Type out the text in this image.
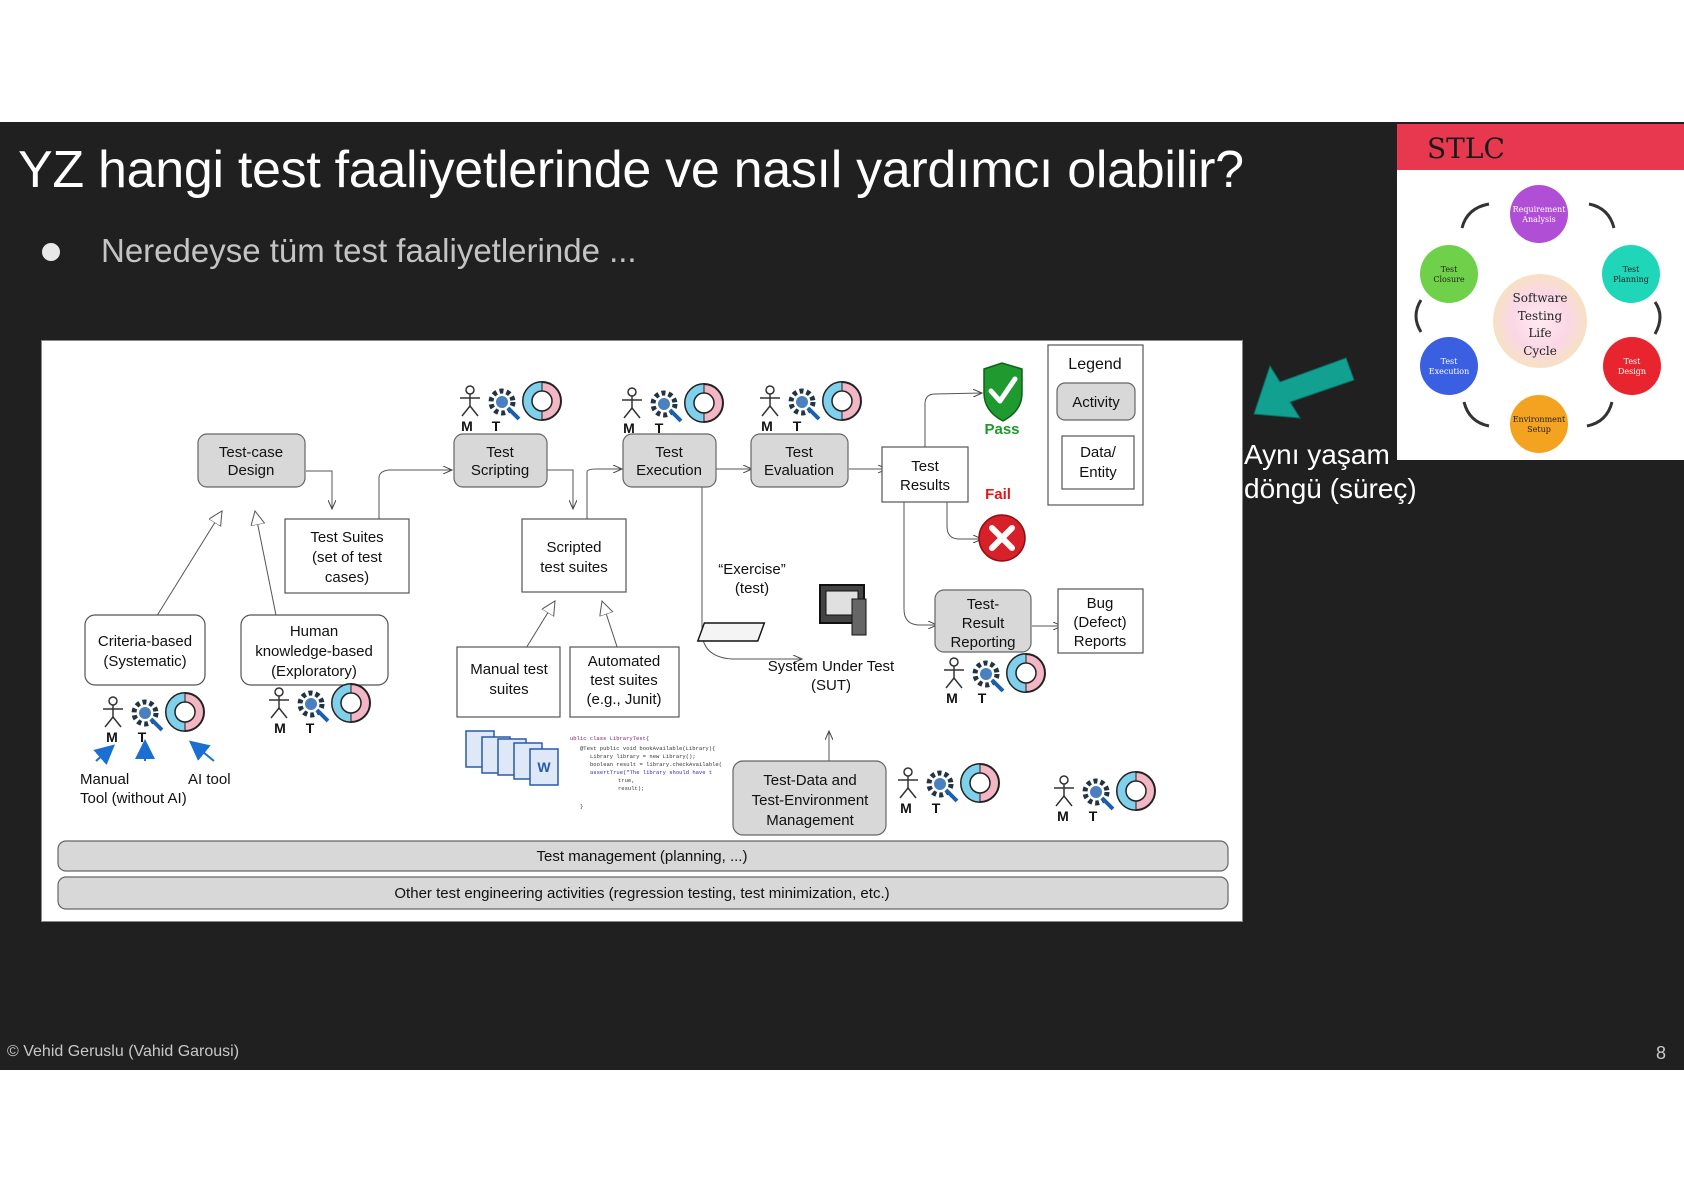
YZ hangi test faaliyetlerinde ve nasıl yardımcı olabilir?
Neredeyse tüm test faaliyetlerinde ...
Test-case
Design
Test
Scripting
Test
Execution
Test
Evaluation
Test-
Result
Reporting
Test-Data and
Test-Environment
Management
Test Suites
(set of test
cases)
Scripted
test suites
Test
Results
Bug
(Defect)
Reports
Manual test
suites
Automated
test suites
(e.g., Junit)
Criteria-based
(Systematic)
Human
knowledge-based
(Exploratory)
Legend
Activity
Data/
Entity
Pass
Fail
“Exercise”
(test)
System Under Test
(SUT)
W
ublic class LibraryTest{
@Test public void bookAvailable(Library){
Library library = new Library();
boolean result = library.checkAvailable(
assertTrue("The library should have t
true,
result);
}
M T	M T	M T
M T
M T	M T
M T
M T
Manual
Tool (without AI)
AI tool
Test management (planning, ...)
Other test engineering activities (regression testing, test minimization, etc.)
Aynı yaşam
döngü (süreç)
STLC
Software
Testing
Life
Cycle
Requirement
Analysis
Test
Planning
Test
Design
Environment
Setup
Test
Execution
Test
Closure
© Vehid Geruslu (Vahid Garousi)	8
